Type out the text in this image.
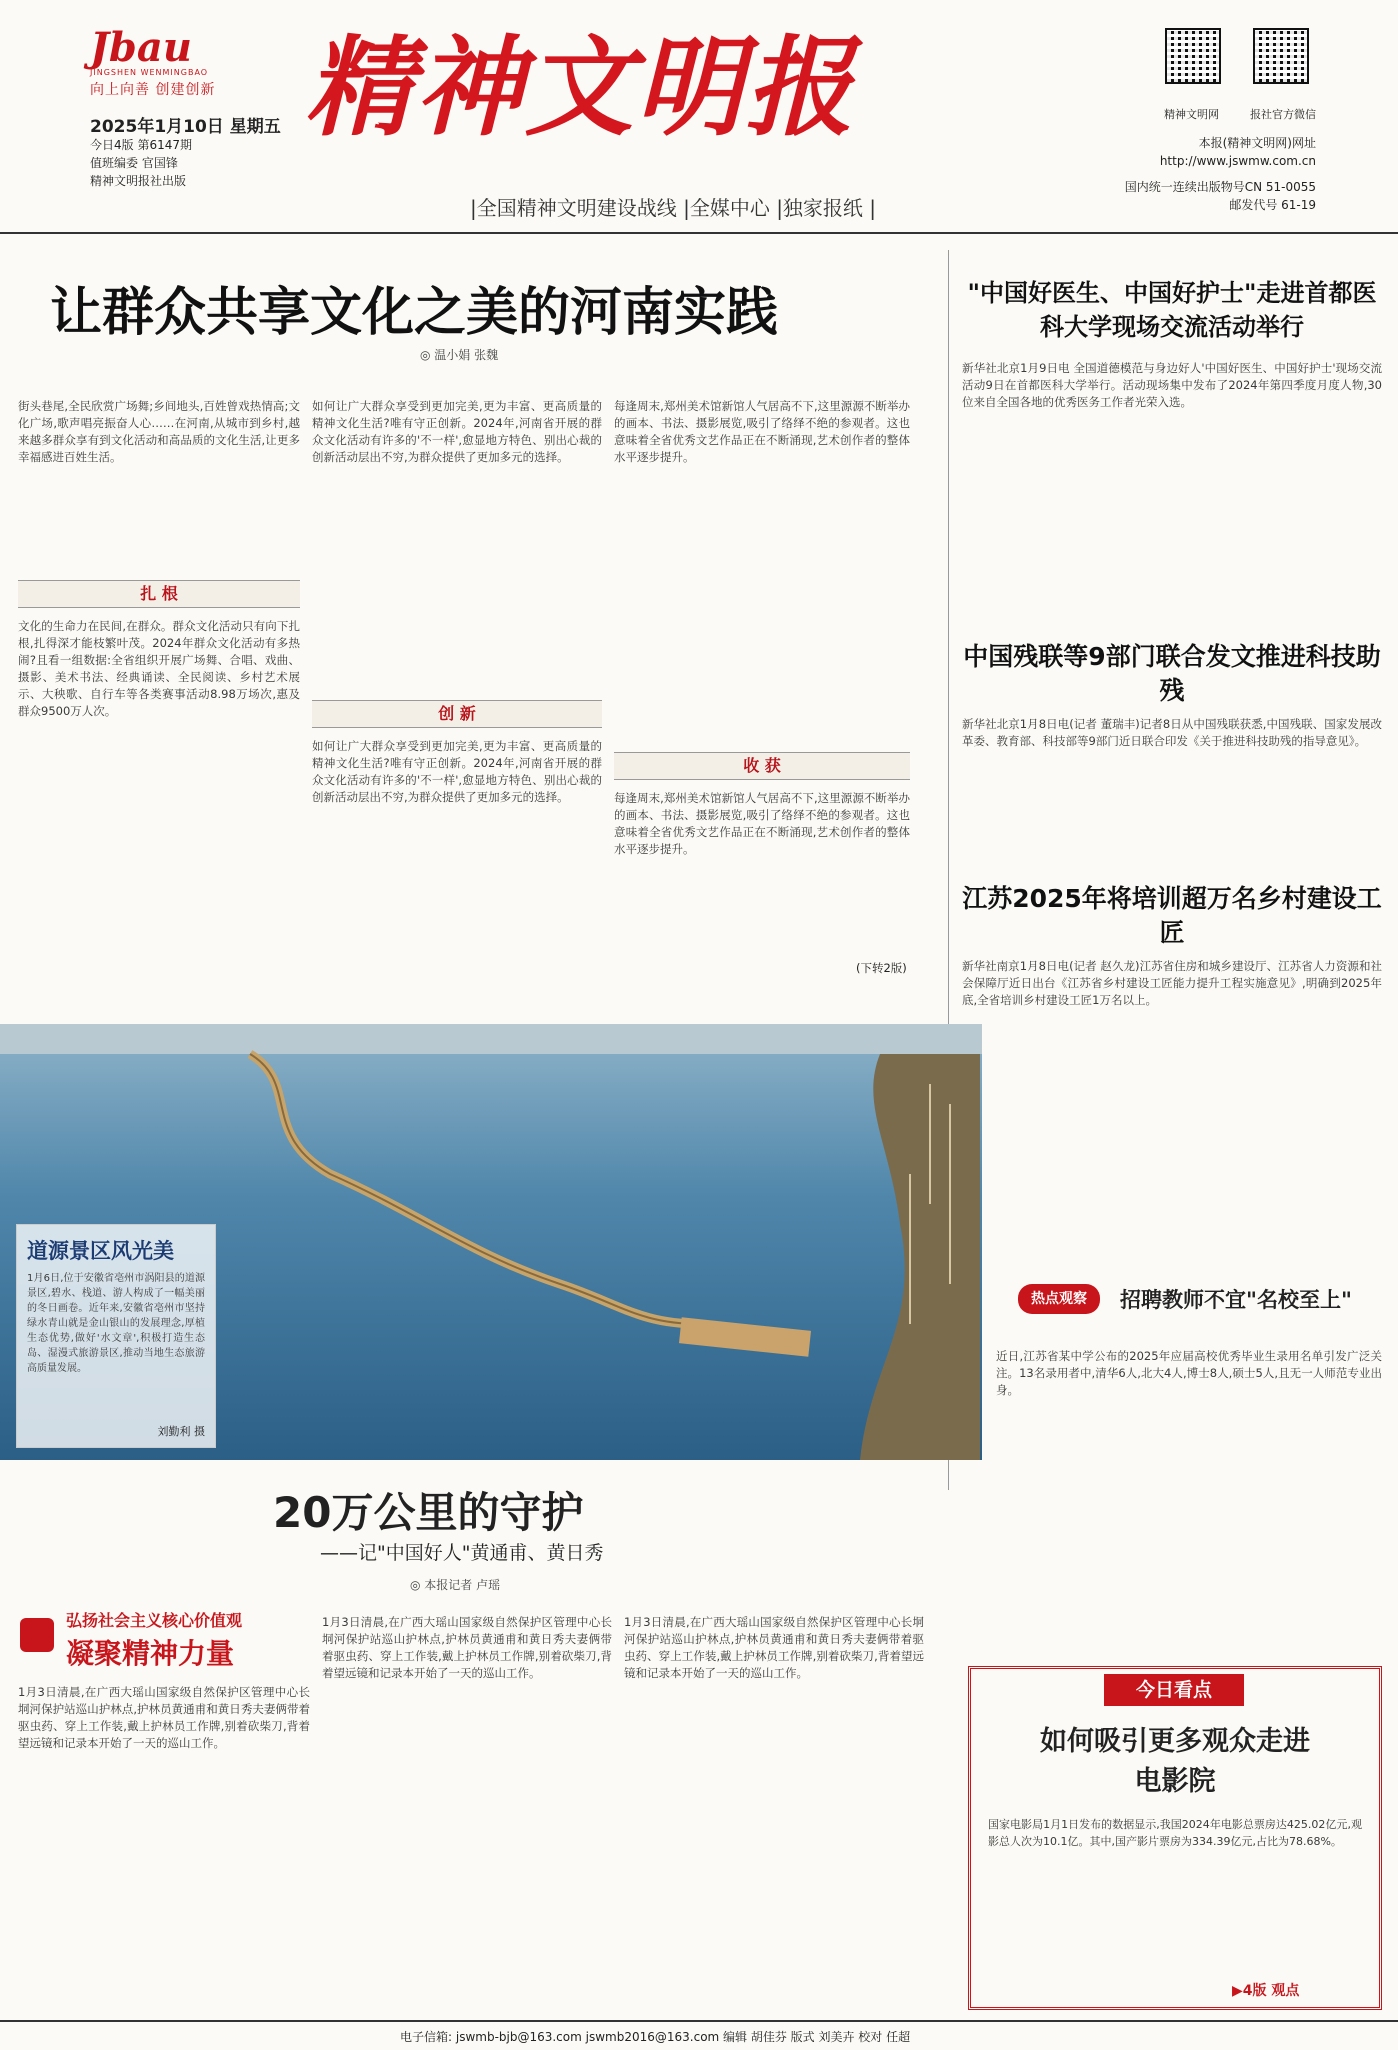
Jbau
JINGSHEN WENMINGBAO
向上向善 创建创新
2025年1月10日 星期五
今日4版 第6147期
值班编委 官国锋
精神文明报社出版
精神文明报
|全国精神文明建设战线 |全媒中心 |独家报纸 |
精神文明网	报社官方微信
本报(精神文明网)网址
http://www.jswmw.com.cn
国内统一连续出版物号CN 51-0055
邮发代号 61-19
让群众共享文化之美的河南实践
◎ 温小娟 张魏
街头巷尾,全民欣赏广场舞;乡间地头,百姓曾戏热情高;文化广场,歌声唱亮振奋人心……在河南,从城市到乡村,越来越多群众享有到文化活动和高品质的文化生活,让更多幸福感进百姓生活。
扎 根
文化的生命力在民间,在群众。群众文化活动只有向下扎根,扎得深才能枝繁叶茂。2024年群众文化活动有多热闹?且看一组数据:全省组织开展广场舞、合唱、戏曲、摄影、美术书法、经典诵读、全民阅读、乡村艺术展示、大秧歌、自行车等各类赛事活动8.98万场次,惠及群众9500万人次。
如何让广大群众享受到更加完美,更为丰富、更高质量的精神文化生活?唯有守正创新。2024年,河南省开展的群众文化活动有许多的'不一样',愈显地方特色、别出心裁的创新活动层出不穷,为群众提供了更加多元的选择。
创 新
如何让广大群众享受到更加完美,更为丰富、更高质量的精神文化生活?唯有守正创新。2024年,河南省开展的群众文化活动有许多的'不一样',愈显地方特色、别出心裁的创新活动层出不穷,为群众提供了更加多元的选择。
每逢周末,郑州美术馆新馆人气居高不下,这里源源不断举办的画本、书法、摄影展览,吸引了络绎不绝的参观者。这也意味着全省优秀文艺作品正在不断涌现,艺术创作者的整体水平逐步提升。
收 获
每逢周末,郑州美术馆新馆人气居高不下,这里源源不断举办的画本、书法、摄影展览,吸引了络绎不绝的参观者。这也意味着全省优秀文艺作品正在不断涌现,艺术创作者的整体水平逐步提升。
(下转2版)
"中国好医生、中国好护士"走进首都医科大学现场交流活动举行
新华社北京1月9日电 全国道德模范与身边好人'中国好医生、中国好护士'现场交流活动9日在首都医科大学举行。活动现场集中发布了2024年第四季度月度人物,30位来自全国各地的优秀医务工作者光荣入选。
中国残联等9部门联合发文推进科技助残
新华社北京1月8日电(记者 董瑞丰)记者8日从中国残联获悉,中国残联、国家发展改革委、教育部、科技部等9部门近日联合印发《关于推进科技助残的指导意见》。
江苏2025年将培训超万名乡村建设工匠
新华社南京1月8日电(记者 赵久龙)江苏省住房和城乡建设厅、江苏省人力资源和社会保障厅近日出台《江苏省乡村建设工匠能力提升工程实施意见》,明确到2025年底,全省培训乡村建设工匠1万名以上。
道源景区风光美
1月6日,位于安徽省亳州市涡阳县的道源景区,碧水、栈道、游人构成了一幅美丽的冬日画卷。近年来,安徽省亳州市坚持绿水青山就是金山银山的发展理念,厚植生态优势,做好'水文章',积极打造生态岛、湿漫式旅游景区,推动当地生态旅游高质量发展。
刘勤利 摄
热点观察	招聘教师不宜"名校至上"
近日,江苏省某中学公布的2025年应届高校优秀毕业生录用名单引发广泛关注。13名录用者中,清华6人,北大4人,博士8人,硕士5人,且无一人师范专业出身。
20万公里的守护
——记"中国好人"黄通甫、黄日秀
◎ 本报记者 卢瑶
弘扬社会主义核心价值观
凝聚精神力量
1月3日清晨,在广西大瑶山国家级自然保护区管理中心长垌河保护站巡山护林点,护林员黄通甫和黄日秀夫妻俩带着驱虫药、穿上工作装,戴上护林员工作牌,别着砍柴刀,背着望远镜和记录本开始了一天的巡山工作。
1月3日清晨,在广西大瑶山国家级自然保护区管理中心长垌河保护站巡山护林点,护林员黄通甫和黄日秀夫妻俩带着驱虫药、穿上工作装,戴上护林员工作牌,别着砍柴刀,背着望远镜和记录本开始了一天的巡山工作。
1月3日清晨,在广西大瑶山国家级自然保护区管理中心长垌河保护站巡山护林点,护林员黄通甫和黄日秀夫妻俩带着驱虫药、穿上工作装,戴上护林员工作牌,别着砍柴刀,背着望远镜和记录本开始了一天的巡山工作。
今日看点
如何吸引更多观众走进电影院
国家电影局1月1日发布的数据显示,我国2024年电影总票房达425.02亿元,观影总人次为10.1亿。其中,国产影片票房为334.39亿元,占比为78.68%。
▶4版 观点
电子信箱: jswmb-bjb@163.com jswmb2016@163.com 编辑 胡佳芬 版式 刘美卉 校对 任超
